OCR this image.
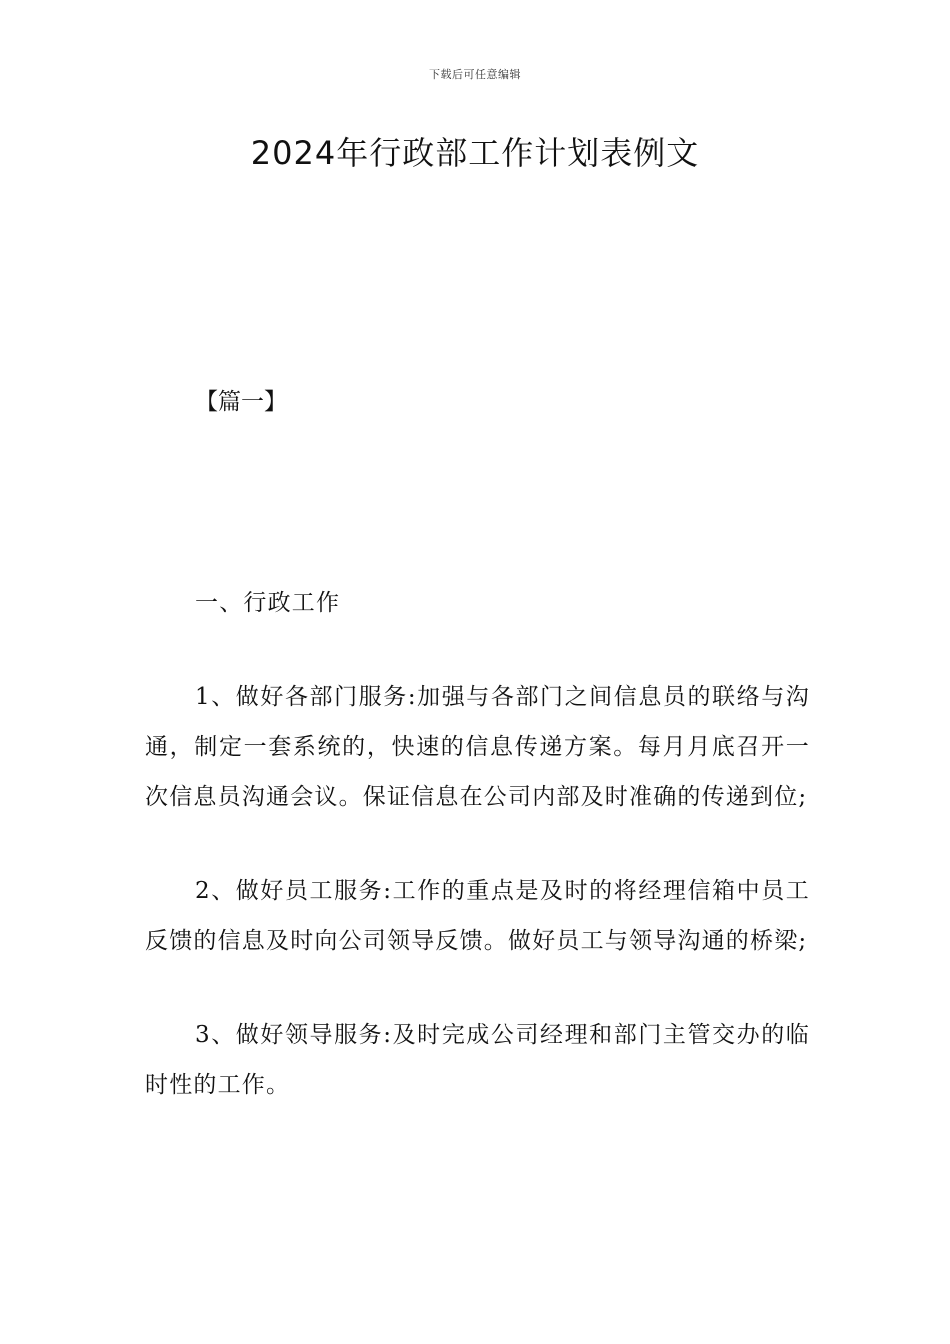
下载后可任意编辑
2024年行政部工作计划表例文
【篇一】

一、行政工作

1、做好各部门服务:加强与各部门之间信息员的联络与沟通，制定一套系统的，快速的信息传递方案。每月月底召开一次信息员沟通会议。保证信息在公司内部及时准确的传递到位;

2、做好员工服务:工作的重点是及时的将经理信箱中员工反馈的信息及时向公司领导反馈。做好员工与领导沟通的桥梁;

3、做好领导服务:及时完成公司经理和部门主管交办的临时性的工作。
